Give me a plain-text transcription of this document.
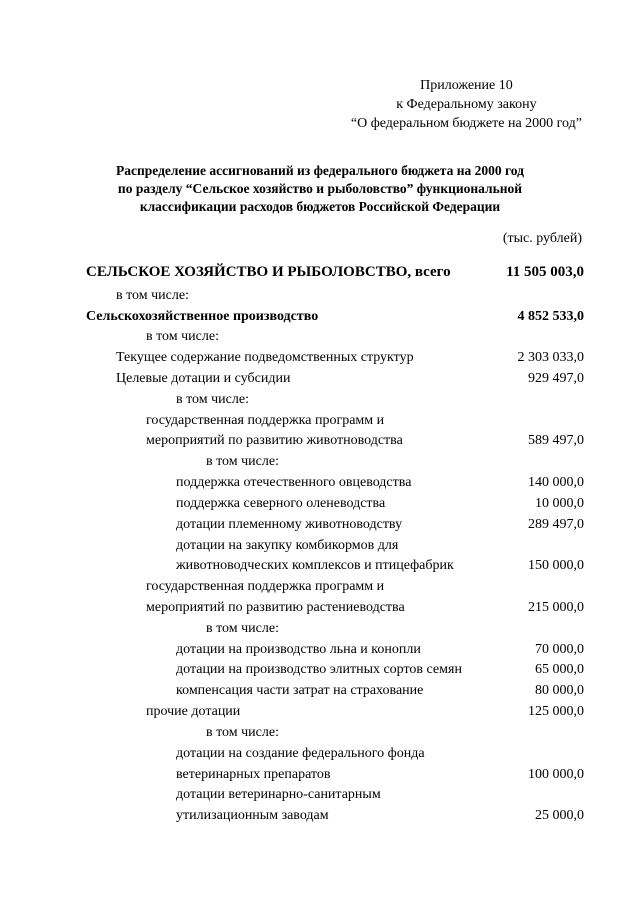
Приложение 10
к Федеральному закону
“О федеральном бюджете на 2000 год”
Распределение ассигнований из федерального бюджета на 2000 год
по разделу “Сельское хозяйство и рыболовство” функциональной
классификации расходов бюджетов Российской Федерации
(тыс. рублей)
СЕЛЬСКОЕ ХОЗЯЙСТВО И РЫБОЛОВСТВО, всего	11 505 003,0
в том числе:
Сельскохозяйственное производство	4 852 533,0
в том числе:
Текущее содержание подведомственных структур	2 303 033,0
Целевые дотации и субсидии	929 497,0
в том числе:
государственная поддержка программ и
мероприятий по развитию животноводства	589 497,0
в том числе:
поддержка отечественного овцеводства	140 000,0
поддержка северного оленеводства	10 000,0
дотации племенному животноводству	289 497,0
дотации на закупку комбикормов для
животноводческих комплексов и птицефабрик	150 000,0
государственная поддержка программ и
мероприятий по развитию растениеводства	215 000,0
в том числе:
дотации на производство льна и конопли	70 000,0
дотации на производство элитных сортов семян	65 000,0
компенсация части затрат на страхование	80 000,0
прочие дотации	125 000,0
в том числе:
дотации на создание федерального фонда
ветеринарных препаратов	100 000,0
дотации ветеринарно-санитарным
утилизационным заводам	25 000,0
